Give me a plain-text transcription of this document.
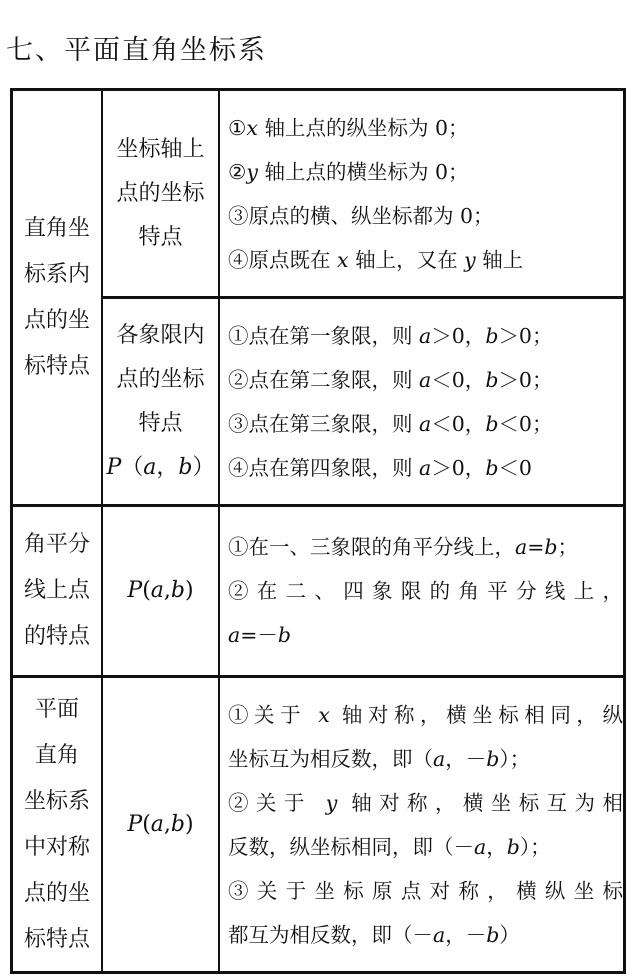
七、平面直角坐标系
直角坐
标系内
点的坐
标特点
坐标轴上
点的坐标
特点
①x 轴上点的纵坐标为 0；
②y 轴上点的横坐标为 0；
③原点的横、纵坐标都为 0；
④原点既在 x 轴上，又在 y 轴上
各象限内
点的坐标
特点
P（a，b）
①点在第一象限，则 a＞0，b＞0；
②点在第二象限，则 a＜0，b＞0；
③点在第三象限，则 a＜0，b＜0；
④点在第四象限，则 a＞0，b＜0
角平分
线上点
的特点
P(a,b)
①在一、三象限的角平分线上，a=b；
②在二、四象限的角平分线上，
a=－b
平面
直角
坐标系
中对称
点的坐
标特点
P(a,b)
①关于 x 轴对称，横坐标相同，纵
坐标互为相反数，即（a，－b）；
②关于 y 轴对称，横坐标互为相
反数，纵坐标相同，即（－a，b）；
③关于坐标原点对称，横纵坐标
都互为相反数，即（－a，－b）
